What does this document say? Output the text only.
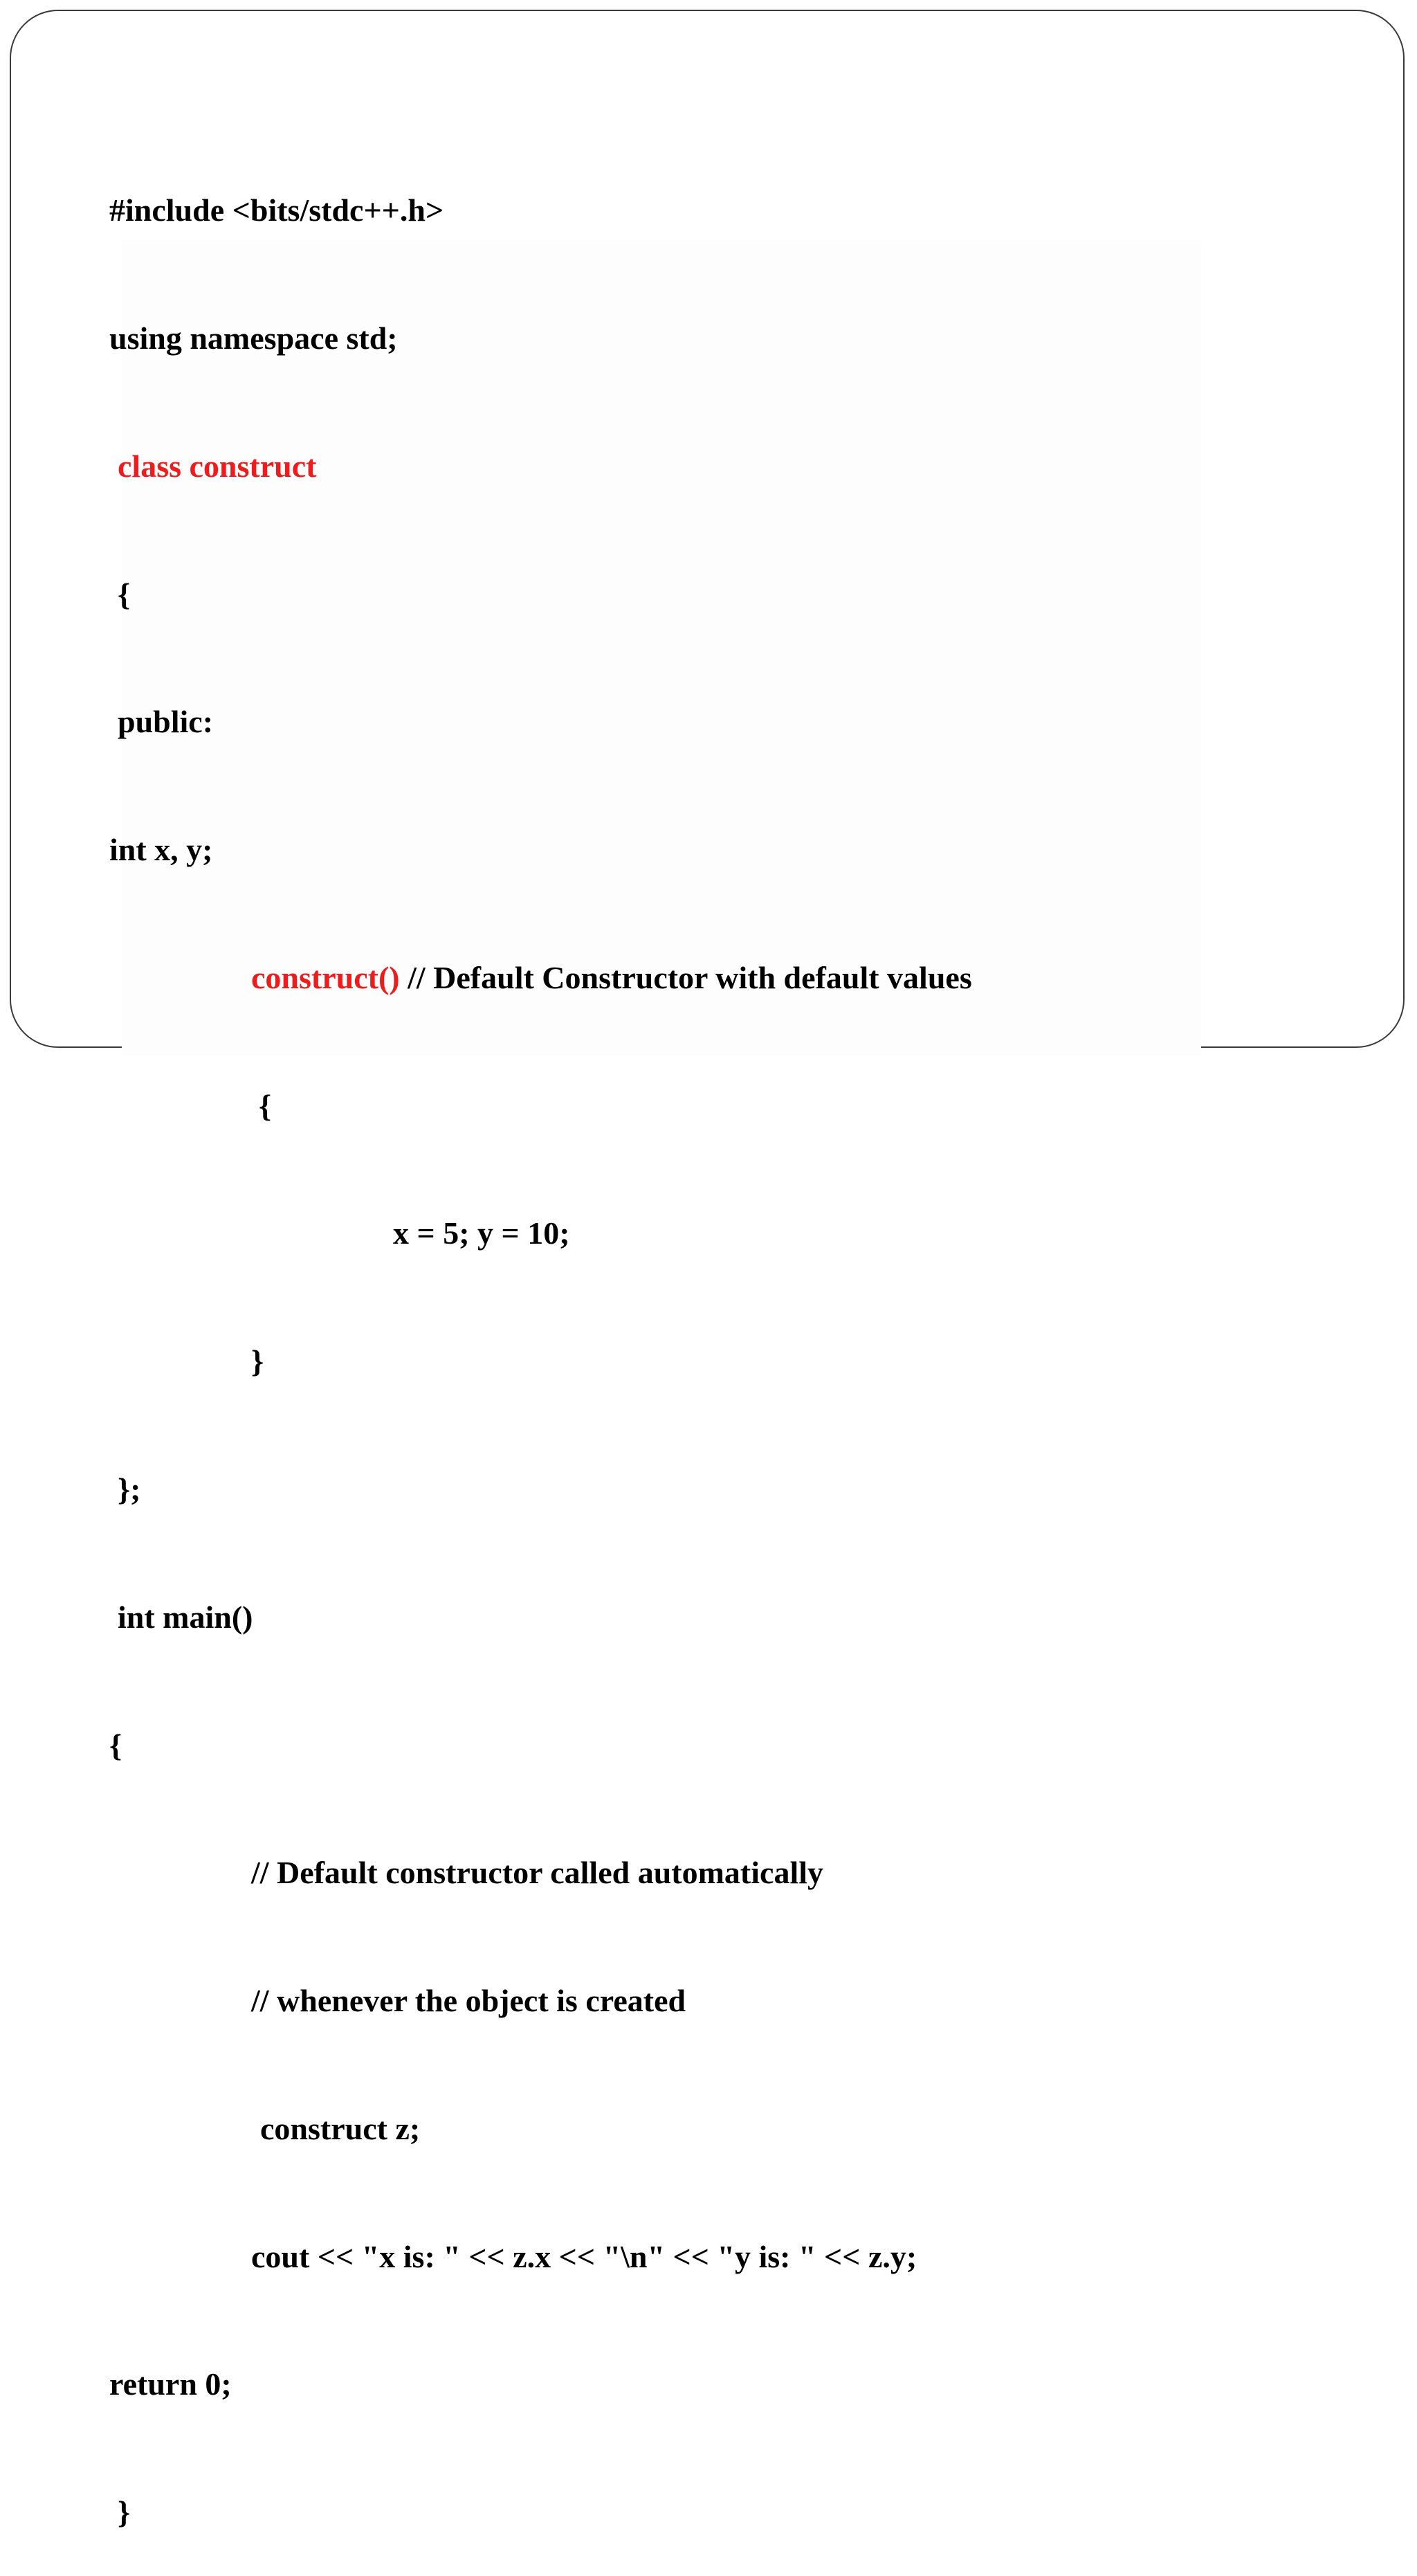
#include <bits/stdc++.h>

using namespace std;

class construct

{

public:

int x, y;

construct() // Default Constructor with default values

{

x = 5; y = 10;

}

};

int main()

{

// Default constructor called automatically

// whenever the object is created

construct z;

cout << "x is: " << z.x << "\n" << "y is: " << z.y;

return 0;

}
